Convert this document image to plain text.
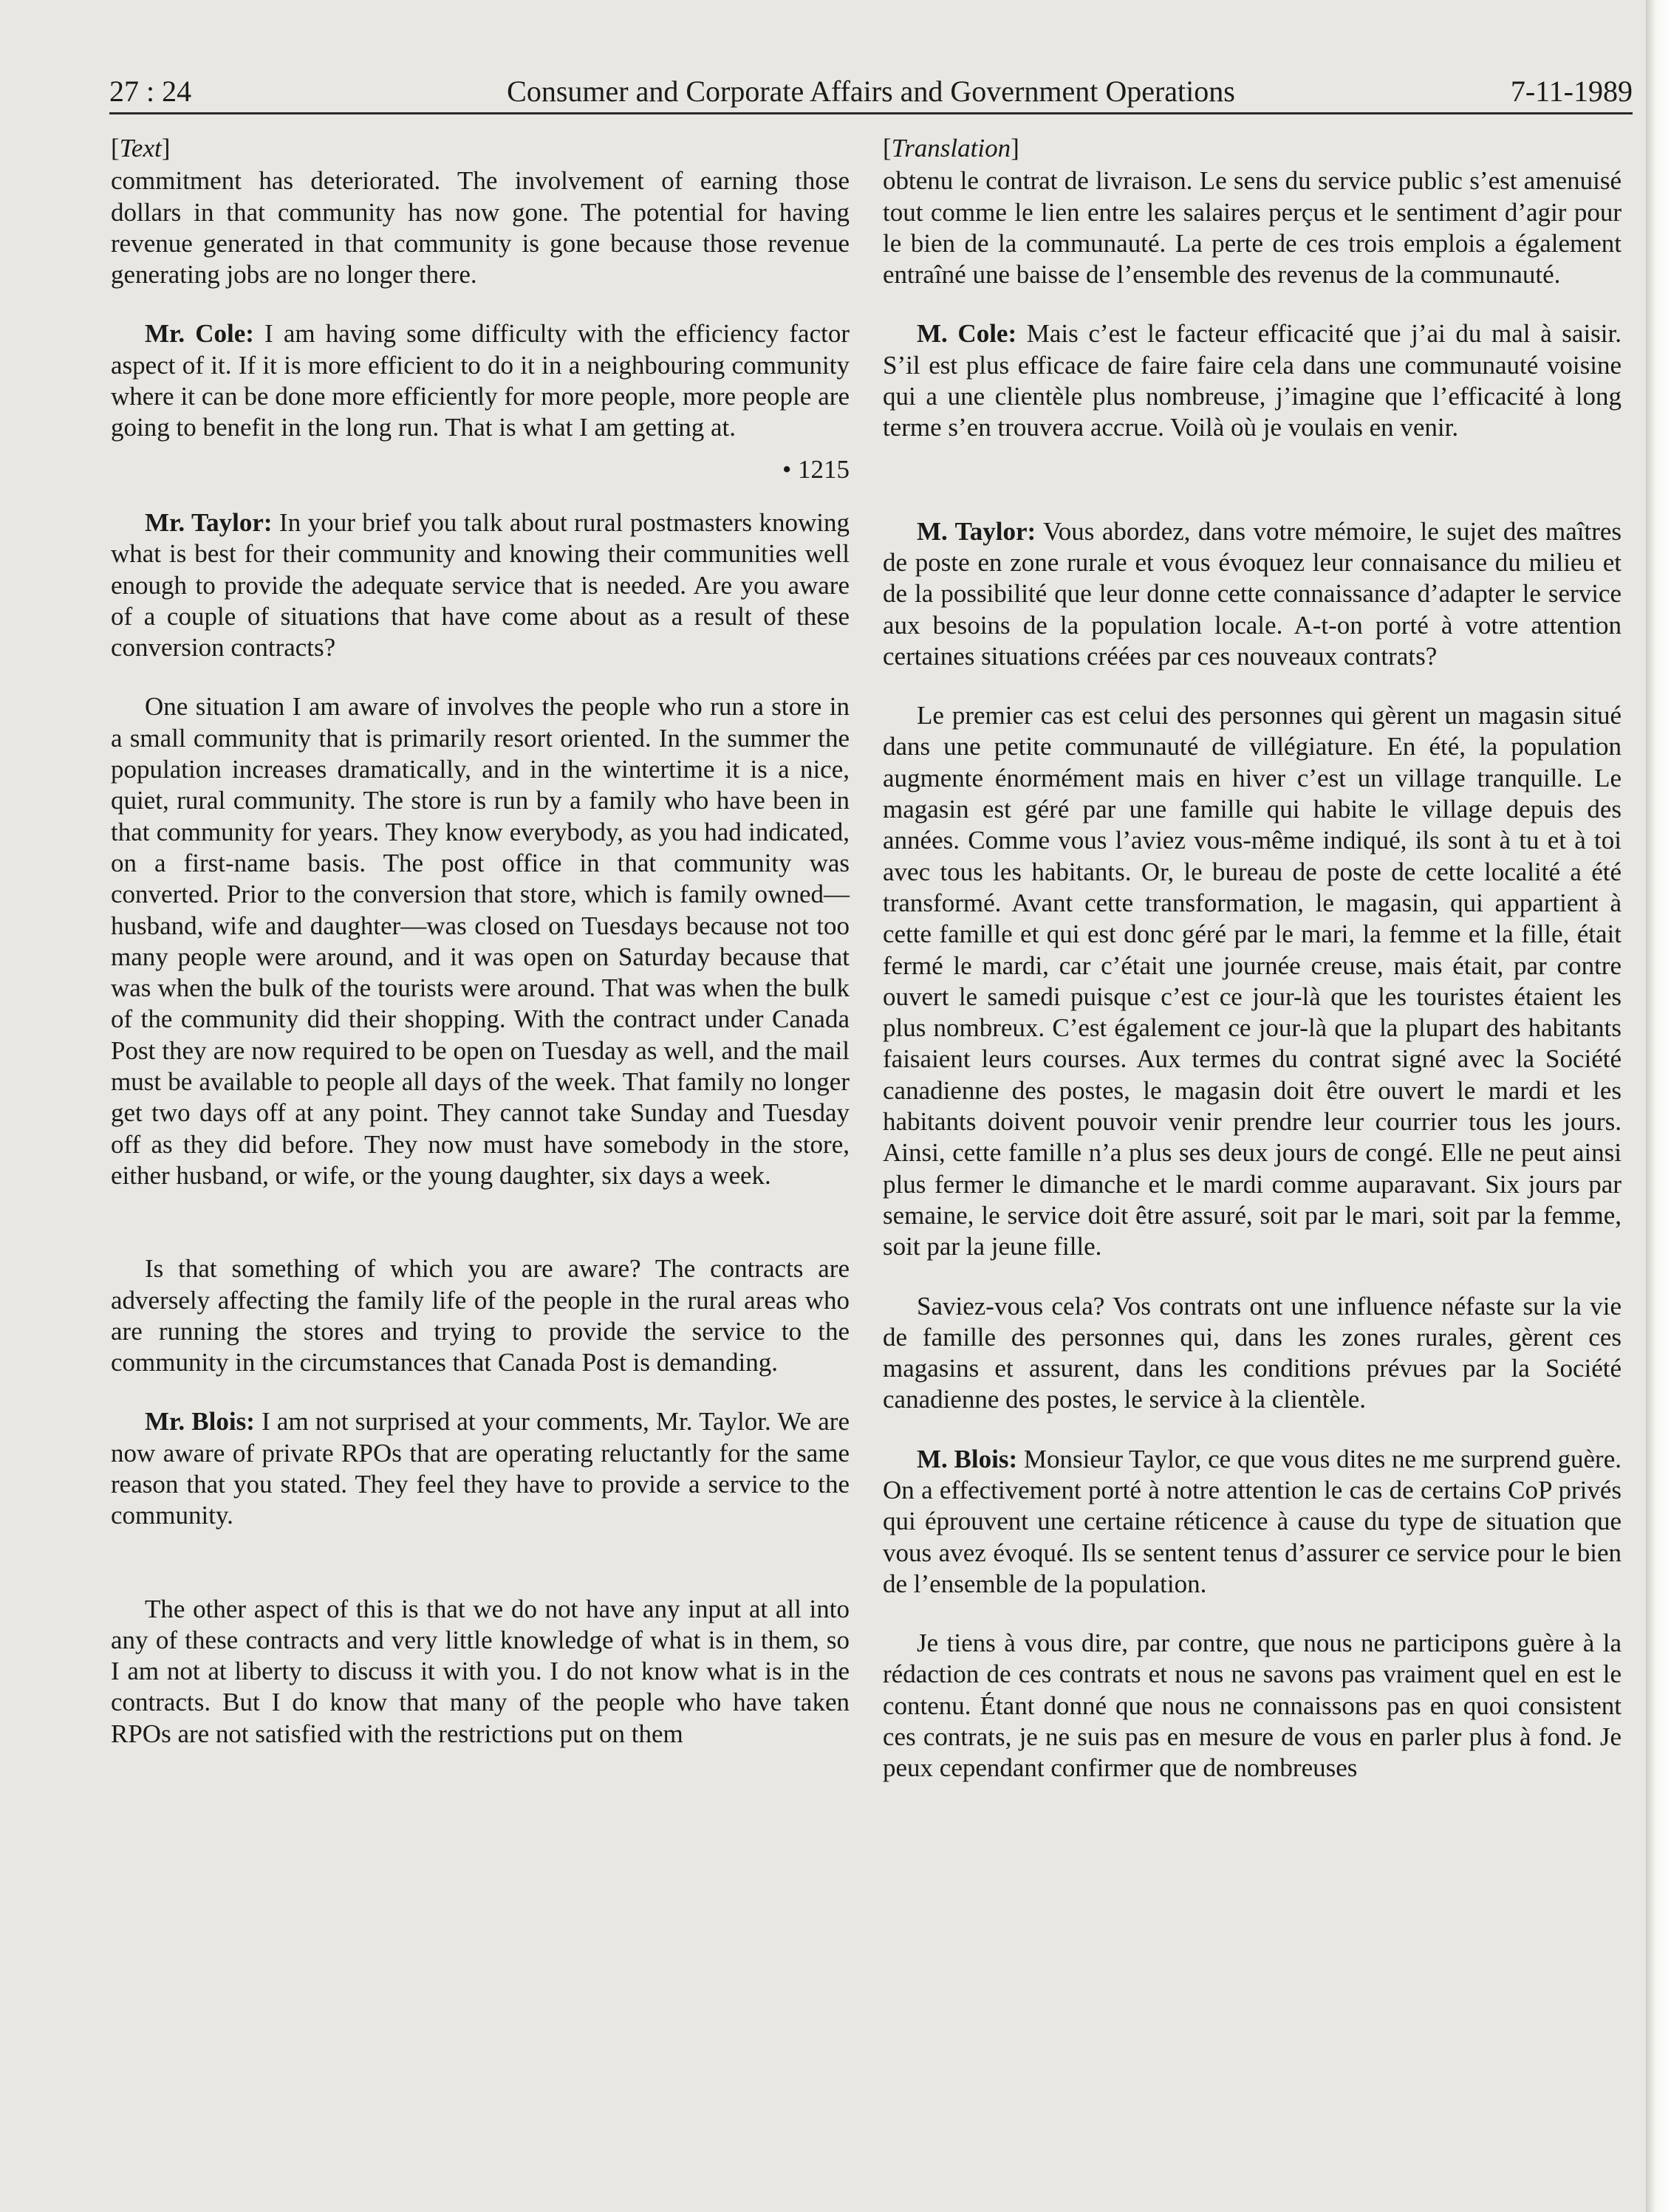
27 : 24	Consumer and Corporate Affairs and Government Operations	7-11-1989

[ Text ]

commitment has deteriorated. The involvement of earning those dollars in that community has now gone. The potential for having revenue generated in that community is gone because those revenue generating jobs are no longer there.

Mr. Cole: I am having some difficulty with the efficiency factor aspect of it. If it is more efficient to do it in a neighbouring community where it can be done more efficiently for more people, more people are going to benefit in the long run. That is what I am getting at.

• 1215

Mr. Taylor: In your brief you talk about rural postmasters knowing what is best for their community and knowing their communities well enough to provide the adequate service that is needed. Are you aware of a couple of situations that have come about as a result of these conversion contracts?

One situation I am aware of involves the people who run a store in a small community that is primarily resort oriented. In the summer the population increases dramatically, and in the wintertime it is a nice, quiet, rural community. The store is run by a family who have been in that community for years. They know everybody, as you had indicated, on a first-name basis. The post office in that community was converted. Prior to the conversion that store, which is family owned—husband, wife and daughter—was closed on Tuesdays because not too many people were around, and it was open on Saturday because that was when the bulk of the tourists were around. That was when the bulk of the community did their shopping. With the contract under Canada Post they are now required to be open on Tuesday as well, and the mail must be available to people all days of the week. That family no longer get two days off at any point. They cannot take Sunday and Tuesday off as they did before. They now must have somebody in the store, either husband, or wife, or the young daughter, six days a week.

Is that something of which you are aware? The contracts are adversely affecting the family life of the people in the rural areas who are running the stores and trying to provide the service to the community in the circumstances that Canada Post is demanding.

Mr. Blois: I am not surprised at your comments, Mr. Taylor. We are now aware of private RPOs that are operating reluctantly for the same reason that you stated. They feel they have to provide a service to the community.

The other aspect of this is that we do not have any input at all into any of these contracts and very little knowledge of what is in them, so I am not at liberty to discuss it with you. I do not know what is in the contracts. But I do know that many of the people who have taken RPOs are not satisfied with the restrictions put on them

[ Translation ]

obtenu le contrat de livraison. Le sens du service public s’est amenuisé tout comme le lien entre les salaires perçus et le sentiment d’agir pour le bien de la communauté. La perte de ces trois emplois a également entraîné une baisse de l’ensemble des revenus de la communauté.

M. Cole: Mais c’est le facteur efficacité que j’ai du mal à saisir. S’il est plus efficace de faire faire cela dans une communauté voisine qui a une clientèle plus nombreuse, j’imagine que l’efficacité à long terme s’en trouvera accrue. Voilà où je voulais en venir.

M. Taylor: Vous abordez, dans votre mémoire, le sujet des maîtres de poste en zone rurale et vous évoquez leur connaisance du milieu et de la possibilité que leur donne cette connaissance d’adapter le service aux besoins de la population locale. A-t-on porté à votre attention certaines situations créées par ces nouveaux contrats?

Le premier cas est celui des personnes qui gèrent un magasin situé dans une petite communauté de villégiature. En été, la population augmente énormément mais en hiver c’est un village tranquille. Le magasin est géré par une famille qui habite le village depuis des années. Comme vous l’aviez vous-même indiqué, ils sont à tu et à toi avec tous les habitants. Or, le bureau de poste de cette localité a été transformé. Avant cette transformation, le magasin, qui appartient à cette famille et qui est donc géré par le mari, la femme et la fille, était fermé le mardi, car c’était une journée creuse, mais était, par contre ouvert le samedi puisque c’est ce jour-là que les touristes étaient les plus nombreux. C’est également ce jour-là que la plupart des habitants faisaient leurs courses. Aux termes du contrat signé avec la Société canadienne des postes, le magasin doit être ouvert le mardi et les habitants doivent pouvoir venir prendre leur courrier tous les jours. Ainsi, cette famille n’a plus ses deux jours de congé. Elle ne peut ainsi plus fermer le dimanche et le mardi comme auparavant. Six jours par semaine, le service doit être assuré, soit par le mari, soit par la femme, soit par la jeune fille.

Saviez-vous cela? Vos contrats ont une influence néfaste sur la vie de famille des personnes qui, dans les zones rurales, gèrent ces magasins et assurent, dans les conditions prévues par la Société canadienne des postes, le service à la clientèle.

M. Blois: Monsieur Taylor, ce que vous dites ne me surprend guère. On a effectivement porté à notre attention le cas de certains CoP privés qui éprouvent une certaine réticence à cause du type de situation que vous avez évoqué. Ils se sentent tenus d’assurer ce service pour le bien de l’ensemble de la population.

Je tiens à vous dire, par contre, que nous ne participons guère à la rédaction de ces contrats et nous ne savons pas vraiment quel en est le contenu. Étant donné que nous ne connaissons pas en quoi consistent ces contrats, je ne suis pas en mesure de vous en parler plus à fond. Je peux cependant confirmer que de nombreuses
